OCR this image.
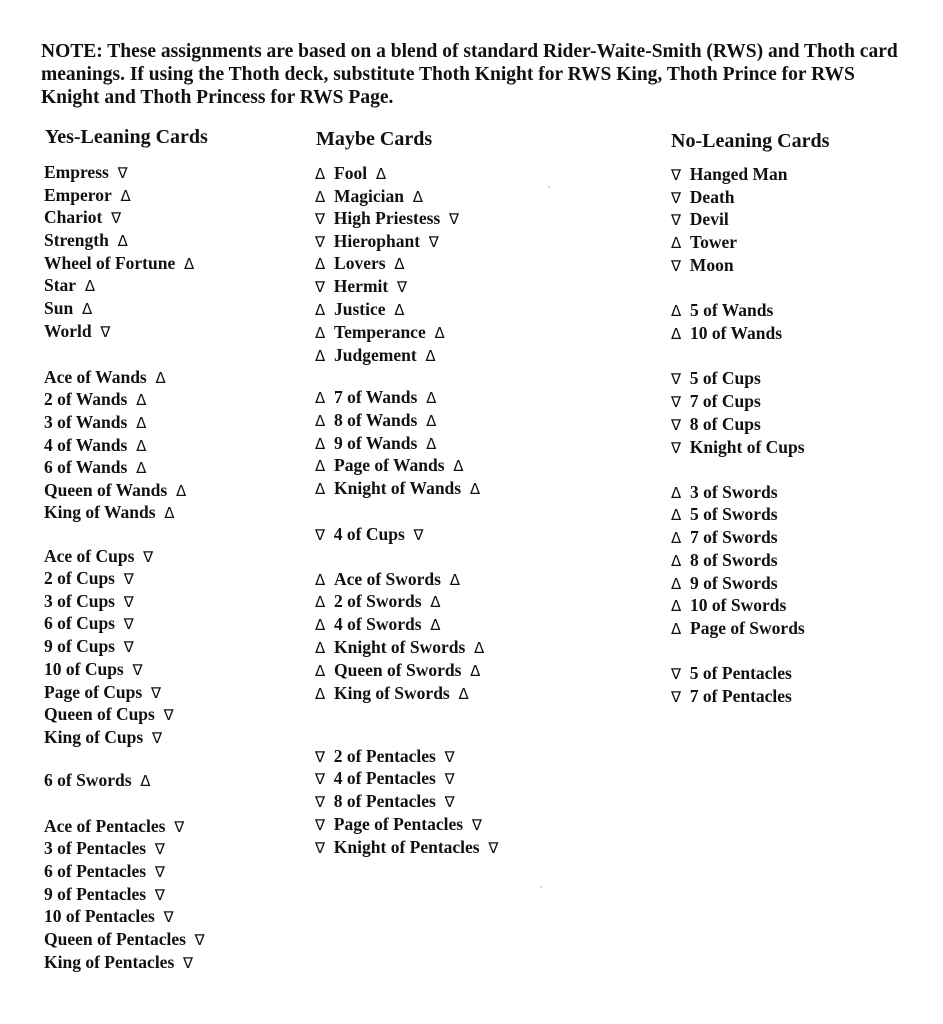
NOTE: These assignments are based on a blend of standard Rider-Waite-Smith (RWS) and Thoth card meanings. If using the Thoth deck, substitute Thoth Knight for RWS King, Thoth Prince for RWS Knight and Thoth Princess for RWS Page.

Yes-Leaning Cards
Empress ∇
Emperor Δ
Chariot ∇
Strength Δ
Wheel of Fortune Δ
Star Δ
Sun Δ
World ∇
Ace of Wands Δ
2 of Wands Δ
3 of Wands Δ
4 of Wands Δ
6 of Wands Δ
Queen of Wands Δ
King of Wands Δ
Ace of Cups ∇
2 of Cups ∇
3 of Cups ∇
6 of Cups ∇
9 of Cups ∇
10 of Cups ∇
Page of Cups ∇
Queen of Cups ∇
King of Cups ∇
6 of Swords Δ
Ace of Pentacles ∇
3 of Pentacles ∇
6 of Pentacles ∇
9 of Pentacles ∇
10 of Pentacles ∇
Queen of Pentacles ∇
King of Pentacles ∇
Maybe Cards
Δ Fool Δ
Δ Magician Δ
∇ High Priestess ∇
∇ Hierophant ∇
Δ Lovers Δ
∇ Hermit ∇
Δ Justice Δ
Δ Temperance Δ
Δ Judgement Δ
Δ 7 of Wands Δ
Δ 8 of Wands Δ
Δ 9 of Wands Δ
Δ Page of Wands Δ
Δ Knight of Wands Δ
∇ 4 of Cups ∇
Δ Ace of Swords Δ
Δ 2 of Swords Δ
Δ 4 of Swords Δ
Δ Knight of Swords Δ
Δ Queen of Swords Δ
Δ King of Swords Δ
∇ 2 of Pentacles ∇
∇ 4 of Pentacles ∇
∇ 8 of Pentacles ∇
∇ Page of Pentacles ∇
∇ Knight of Pentacles ∇
No-Leaning Cards
∇ Hanged Man
∇ Death
∇ Devil
Δ Tower
∇ Moon
Δ 5 of Wands
Δ 10 of Wands
∇ 5 of Cups
∇ 7 of Cups
∇ 8 of Cups
∇ Knight of Cups
Δ 3 of Swords
Δ 5 of Swords
Δ 7 of Swords
Δ 8 of Swords
Δ 9 of Swords
Δ 10 of Swords
Δ Page of Swords
∇ 5 of Pentacles
∇ 7 of Pentacles
